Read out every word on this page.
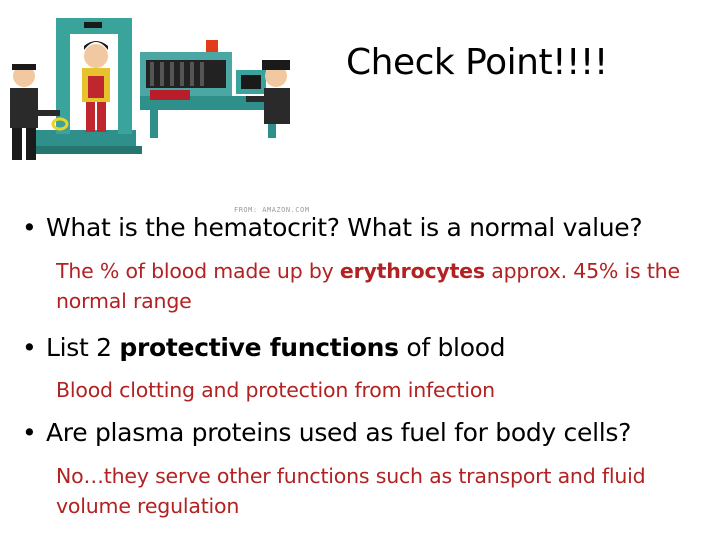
FROM: AMAZON.COM
Check Point!!!!
• What is the hematocrit? What is a normal value?
The % of blood made up by erythrocytes approx. 45% is the normal range
• List 2 protective functions of blood
Blood clotting and protection from infection
• Are plasma proteins used as fuel for body cells?
No…they serve other functions such as transport and fluid volume regulation
